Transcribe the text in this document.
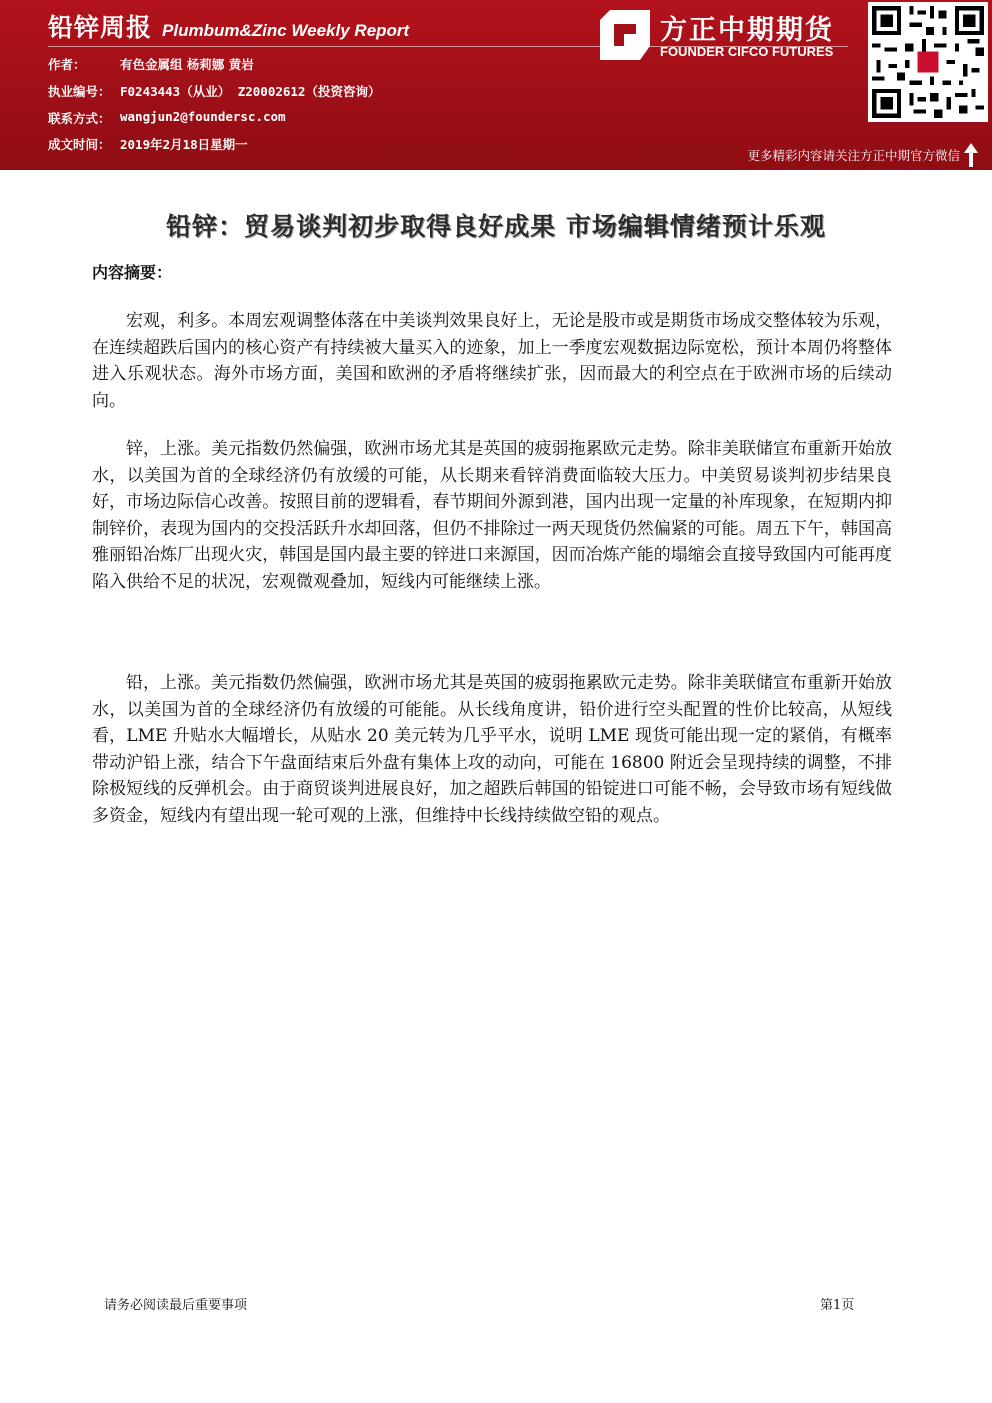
铅锌周报 Plumbum&Zinc Weekly Report
作者：	有色金属组 杨莉娜 黄岩
执业编号： F0243443（从业） Z20002612（投资咨询）
联系方式： wangjun2@foundersc.com
成文时间： 2019年2月18日星期一
方正中期期货
FOUNDER CIFCO FUTURES
更多精彩内容请关注方正中期官方微信
铅锌：贸易谈判初步取得良好成果 市场编辑情绪预计乐观
内容摘要：

宏观，利多。本周宏观调整体落在中美谈判效果良好上，无论是股市或是期货市场成交整体较为乐观，在连续超跌后国内的核心资产有持续被大量买入的迹象，加上一季度宏观数据边际宽松，预计本周仍将整体进入乐观状态。海外市场方面，美国和欧洲的矛盾将继续扩张，因而最大的利空点在于欧洲市场的后续动向。

锌，上涨。美元指数仍然偏强，欧洲市场尤其是英国的疲弱拖累欧元走势。除非美联储宣布重新开始放水，以美国为首的全球经济仍有放缓的可能，从长期来看锌消费面临较大压力。中美贸易谈判初步结果良好，市场边际信心改善。按照目前的逻辑看，春节期间外源到港，国内出现一定量的补库现象，在短期内抑制锌价，表现为国内的交投活跃升水却回落，但仍不排除过一两天现货仍然偏紧的可能。周五下午，韩国高雅丽铅冶炼厂出现火灾，韩国是国内最主要的锌进口来源国，因而冶炼产能的塌缩会直接导致国内可能再度陷入供给不足的状况，宏观微观叠加，短线内可能继续上涨。

铅，上涨。美元指数仍然偏强，欧洲市场尤其是英国的疲弱拖累欧元走势。除非美联储宣布重新开始放水，以美国为首的全球经济仍有放缓的可能能。从长线角度讲，铅价进行空头配置的性价比较高，从短线看，LME 升贴水大幅增长，从贴水 20 美元转为几乎平水，说明 LME 现货可能出现一定的紧俏，有概率带动沪铅上涨，结合下午盘面结束后外盘有集体上攻的动向，可能在 16800 附近会呈现持续的调整，不排除极短线的反弹机会。由于商贸谈判进展良好，加之超跌后韩国的铅锭进口可能不畅，会导致市场有短线做多资金，短线内有望出现一轮可观的上涨，但维持中长线持续做空铅的观点。

请务必阅读最后重要事项	第1页
